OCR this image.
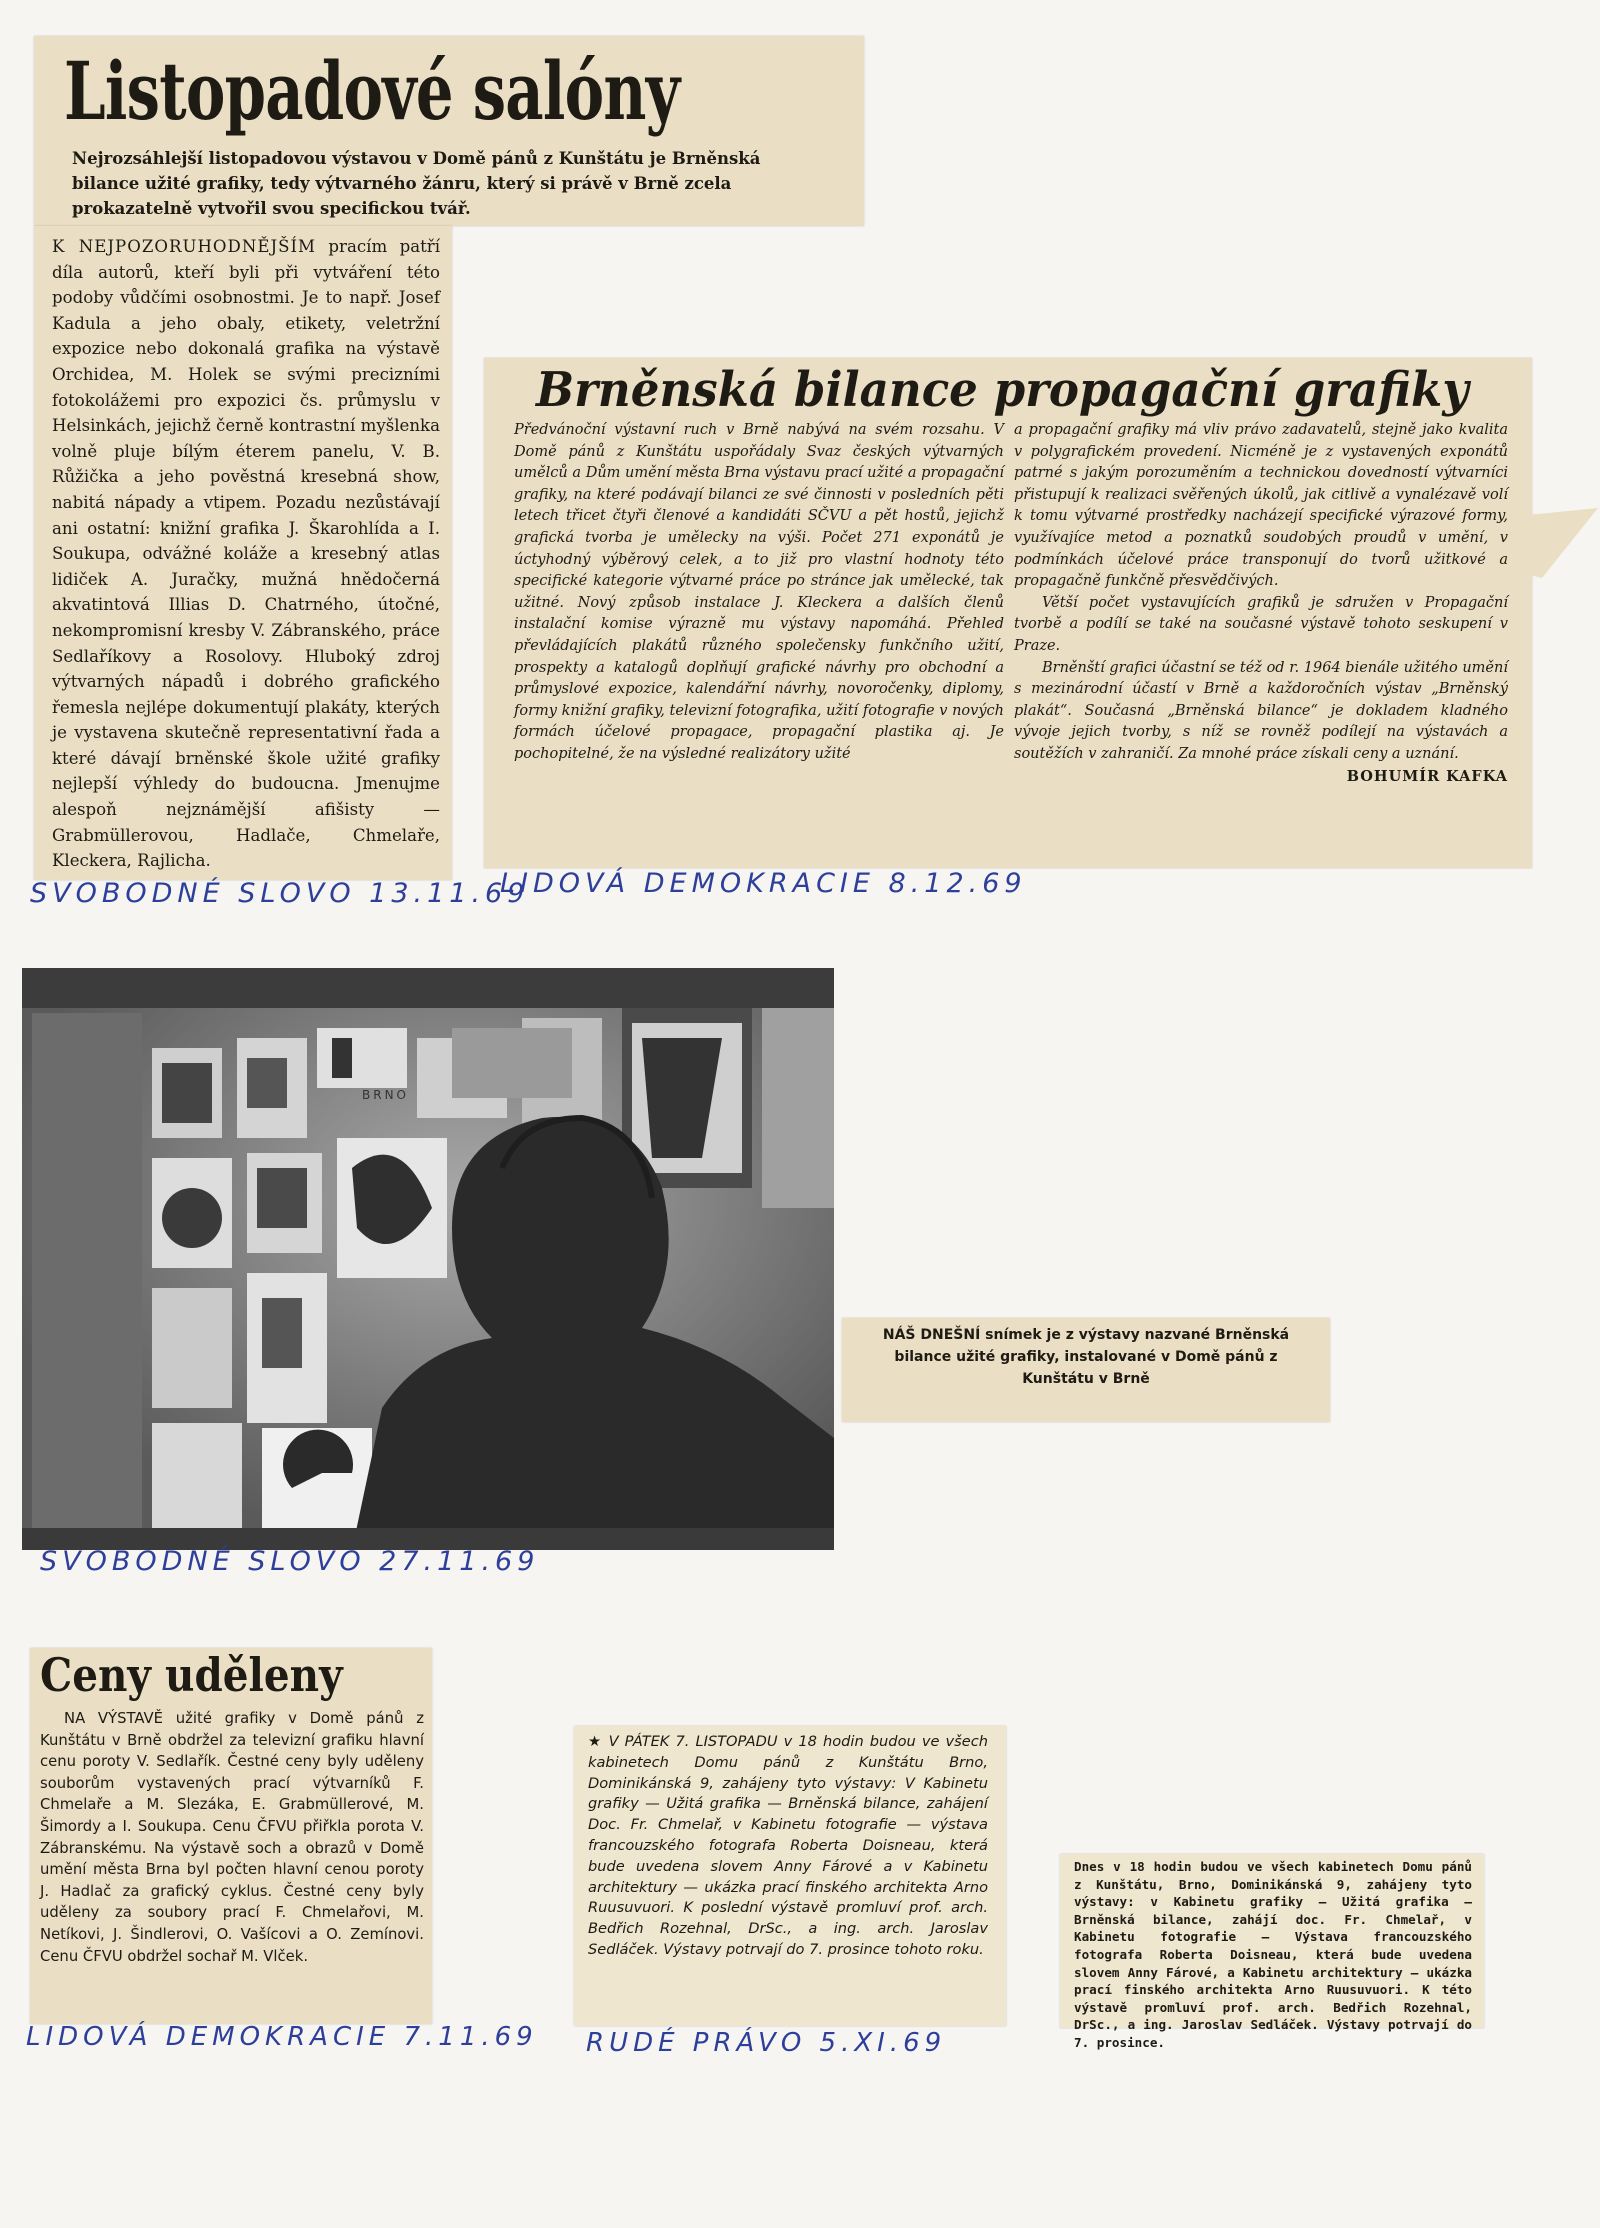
Listopadové salóny

Nejrozsáhlejší listopadovou výstavou v Domě pánů z Kunštátu je Brněnská bilance užité grafiky, tedy výtvarného žánru, který si právě v Brně zcela prokazatelně vytvořil svou specifickou tvář.

K NEJPOZORUHODNĚJŠÍM pracím patří díla autorů, kteří byli při vytváření této podoby vůdčími osobnostmi. Je to např. Josef Kadula a jeho obaly, etikety, veletržní expozice nebo dokonalá grafika na výstavě Orchidea, M. Holek se svými precizními fotokolážemi pro expozici čs. průmyslu v Helsinkách, jejichž černě kontrastní myšlenka volně pluje bílým éterem panelu, V. B. Růžička a jeho pověstná kresebná show, nabitá nápady a vtipem. Pozadu nezůstávají ani ostatní: knižní grafika J. Škarohlída a I. Soukupa, odvážné koláže a kresebný atlas lidiček A. Juračky, mužná hnědočerná akvatintová Illias D. Chatrného, útočné, nekompromisní kresby V. Zábranského, práce Sedlaříkovy a Rosolovy. Hluboký zdroj výtvarných nápadů i dobrého grafického řemesla nejlépe dokumentují plakáty, kterých je vystavena skutečně representativní řada a které dávají brněnské škole užité grafiky nejlepší výhledy do budoucna. Jmenujme alespoň nejznámější afišisty — Grabmüllerovou, Hadlače, Chmelaře, Kleckera, Rajlicha.

SVOBODNÉ SLOVO 13.11.69
Brněnská bilance propagační grafiky

Předvánoční výstavní ruch v Brně nabývá na svém rozsahu. V Domě pánů z Kunštátu uspořádaly Svaz českých výtvarných umělců a Dům umění města Brna výstavu prací užité a propagační grafiky, na které podávají bilanci ze své činnosti v posledních pěti letech třicet čtyři členové a kandidáti SČVU a pět hostů, jejichž grafická tvorba je umělecky na výši. Počet 271 exponátů je úctyhodný výběrový celek, a to již pro vlastní hodnoty této specifické kategorie výtvarné práce po stránce jak umělecké, tak užitné. Nový způsob instalace J. Kleckera a dalších členů instalační komise výrazně mu výstavy napomáhá. Přehled převládajících plakátů různého společensky funkčního užití, prospekty a katalogů doplňují grafické návrhy pro obchodní a průmyslové expozice, kalendářní návrhy, novoročenky, diplomy, formy knižní grafiky, televizní fotografika, užití fotografie v nových formách účelové propagace, propagační plastika aj. Je pochopitelné, že na výsledné realizátory užité

a propagační grafiky má vliv právo zadavatelů, stejně jako kvalita v polygrafickém provedení. Nicméně je z vystavených exponátů patrné s jakým porozuměním a technickou dovedností výtvarníci přistupují k realizaci svěřených úkolů, jak citlivě a vynalézavě volí k tomu výtvarné prostředky nacházejí specifické výrazové formy, využívajíce metod a poznatků soudobých proudů v umění, v podmínkách účelové práce transponují do tvorů užitkové a propagačně funkčně přesvědčivých.

Větší počet vystavujících grafiků je sdružen v Propagační tvorbě a podílí se také na současné výstavě tohoto seskupení v Praze.

Brněnští grafici účastní se též od r. 1964 bienále užitého umění s mezinárodní účastí v Brně a každoročních výstav „Brněnský plakát“. Současná „Brněnská bilance“ je dokladem kladného vývoje jejich tvorby, s níž se rovněž podílejí na výstavách a soutěžích v zahraničí. Za mnohé práce získali ceny a uznání.

BOHUMÍR KAFKA

LIDOVÁ DEMOKRACIE 8.12.69
BRNO
SVOBODNÉ SLOVO 27.11.69

NÁŠ DNEŠNÍ snímek je z výstavy nazvané Brněnská bilance užité grafiky, instalované v Domě pánů z Kunštátu v Brně

Ceny uděleny

NA VÝSTAVĚ užité grafiky v Domě pánů z Kunštátu v Brně obdržel za televizní grafiku hlavní cenu poroty V. Sedlařík. Čestné ceny byly uděleny souborům vystavených prací výtvarníků F. Chmelaře a M. Slezáka, E. Grabmüllerové, M. Šimordy a I. Soukupa. Cenu ČFVU přiřkla porota V. Zábranskému. Na výstavě soch a obrazů v Domě umění města Brna byl počten hlavní cenou poroty J. Hadlač za grafický cyklus. Čestné ceny byly uděleny za soubory prací F. Chmelařovi, M. Netíkovi, J. Šindlerovi, O. Vašícovi a O. Zemínovi. Cenu ČFVU obdržel sochař M. Vlček.

LIDOVÁ DEMOKRACIE 7.11.69

★ V PÁTEK 7. LISTOPADU v 18 hodin budou ve všech kabinetech Domu pánů z Kunštátu Brno, Dominikánská 9, zahájeny tyto výstavy: V Kabinetu grafiky — Užitá grafika — Brněnská bilance, zahájení Doc. Fr. Chmelař, v Kabinetu fotografie — výstava francouzského fotografa Roberta Doisneau, která bude uvedena slovem Anny Fárové a v Kabinetu architektury — ukázka prací finského architekta Arno Ruusuvuori. K poslední výstavě promluví prof. arch. Bedřich Rozehnal, DrSc., a ing. arch. Jaroslav Sedláček. Výstavy potrvají do 7. prosince tohoto roku.

RUDÉ PRÁVO 5.XI.69

Dnes v 18 hodin budou ve všech kabinetech Domu pánů z Kunštátu, Brno, Dominikánská 9, zahájeny tyto výstavy: v Kabinetu grafiky — Užitá grafika — Brněnská bilance, zahájí doc. Fr. Chmelař, v Kabinetu fotografie — Výstava francouzského fotografa Roberta Doisneau, která bude uvedena slovem Anny Fárové, a Kabinetu architektury — ukázka prací finského architekta Arno Ruusuvuori. K této výstavě promluví prof. arch. Bedřich Rozehnal, DrSc., a ing. Jaroslav Sedláček. Výstavy potrvají do 7. prosince.
